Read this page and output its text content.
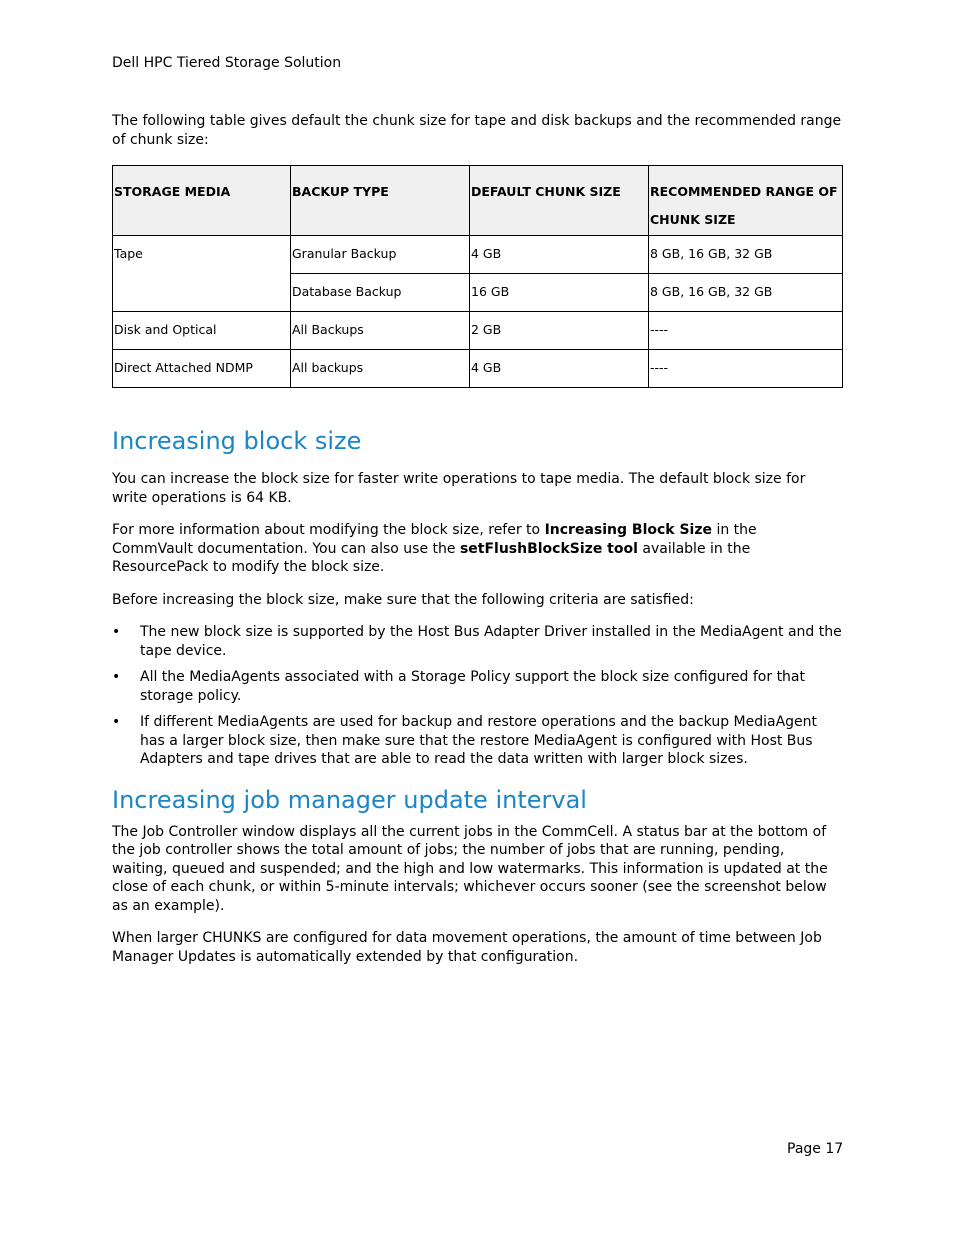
Dell HPC Tiered Storage Solution

The following table gives default the chunk size for tape and disk backups and the recommended range of chunk size:

STORAGE MEDIA	BACKUP TYPE	DEFAULT CHUNK SIZE	RECOMMENDED RANGE OF CHUNK SIZE
Tape	Granular Backup	4 GB	8 GB, 16 GB, 32 GB
	Database Backup	16 GB	8 GB, 16 GB, 32 GB
Disk and Optical	All Backups	2 GB	----
Direct Attached NDMP	All backups	4 GB	----
Increasing block size

You can increase the block size for faster write operations to tape media. The default block size for write operations is 64 KB.

For more information about modifying the block size, refer to Increasing Block Size in the CommVault documentation. You can also use the setFlushBlockSize tool available in the ResourcePack to modify the block size.

Before increasing the block size, make sure that the following criteria are satisfied:

• The new block size is supported by the Host Bus Adapter Driver installed in the MediaAgent and the tape device.
• All the MediaAgents associated with a Storage Policy support the block size configured for that storage policy.
• If different MediaAgents are used for backup and restore operations and the backup MediaAgent has a larger block size, then make sure that the restore MediaAgent is configured with Host Bus Adapters and tape drives that are able to read the data written with larger block sizes.
Increasing job manager update interval

The Job Controller window displays all the current jobs in the CommCell. A status bar at the bottom of the job controller shows the total amount of jobs; the number of jobs that are running, pending, waiting, queued and suspended; and the high and low watermarks. This information is updated at the close of each chunk, or within 5-minute intervals; whichever occurs sooner (see the screenshot below as an example).

When larger CHUNKS are configured for data movement operations, the amount of time between Job Manager Updates is automatically extended by that configuration.

Page 17
